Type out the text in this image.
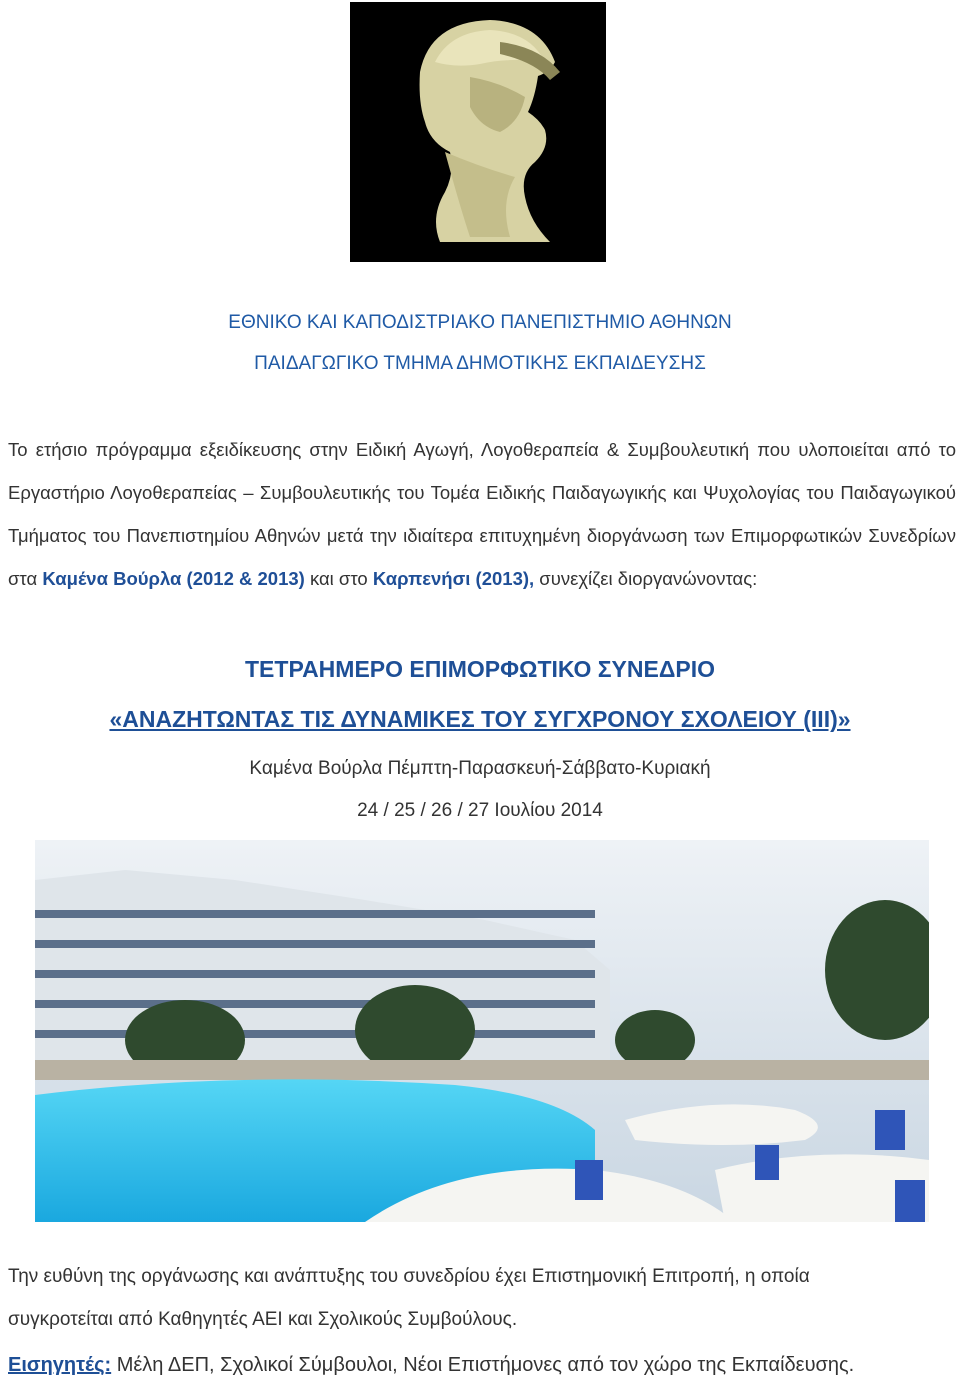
ΕΘΝΙΚΟ ΚΑΙ ΚΑΠΟΔΙΣΤΡΙΑΚΟ ΠΑΝΕΠΙΣΤΗΜΙΟ ΑΘΗΝΩΝ
ΠΑΙΔΑΓΩΓΙΚΟ ΤΜΗΜΑ ΔΗΜΟΤΙΚΗΣ ΕΚΠΑΙΔΕΥΣΗΣ
Το ετήσιο πρόγραμμα εξειδίκευσης στην Ειδική Αγωγή, Λογοθεραπεία & Συμβουλευτική που υλοποιείται από το Εργαστήριο Λογοθεραπείας – Συμβουλευτικής του Τομέα Ειδικής Παιδαγωγικής και Ψυχολογίας του Παιδαγωγικού Τμήματος του Πανεπιστημίου Αθηνών μετά την ιδιαίτερα επιτυχημένη διοργάνωση των Επιμορφωτικών Συνεδρίων στα Καμένα Βούρλα (2012 & 2013) και στο Καρπενήσι (2013), συνεχίζει διοργανώνοντας:
ΤΕΤΡΑΗΜΕΡΟ ΕΠΙΜΟΡΦΩΤΙΚΟ ΣΥΝΕΔΡΙΟ
«ΑΝΑΖΗΤΩΝΤΑΣ ΤΙΣ ΔΥΝΑΜΙΚΕΣ ΤΟΥ ΣΥΓΧΡΟΝΟΥ ΣΧΟΛΕΙΟΥ (ΙΙΙ)»
Καμένα Βούρλα Πέμπτη-Παρασκευή-Σάββατο-Κυριακή
24 / 25 / 26 / 27 Ιουλίου 2014
Την ευθύνη της οργάνωσης και ανάπτυξης του συνεδρίου έχει Επιστημονική Επιτροπή, η οποία
συγκροτείται από Καθηγητές ΑΕΙ και Σχολικούς Συμβούλους.
Εισηγητές: Μέλη ΔΕΠ, Σχολικοί Σύμβουλοι, Νέοι Επιστήμονες από τον χώρο της Εκπαίδευσης.
